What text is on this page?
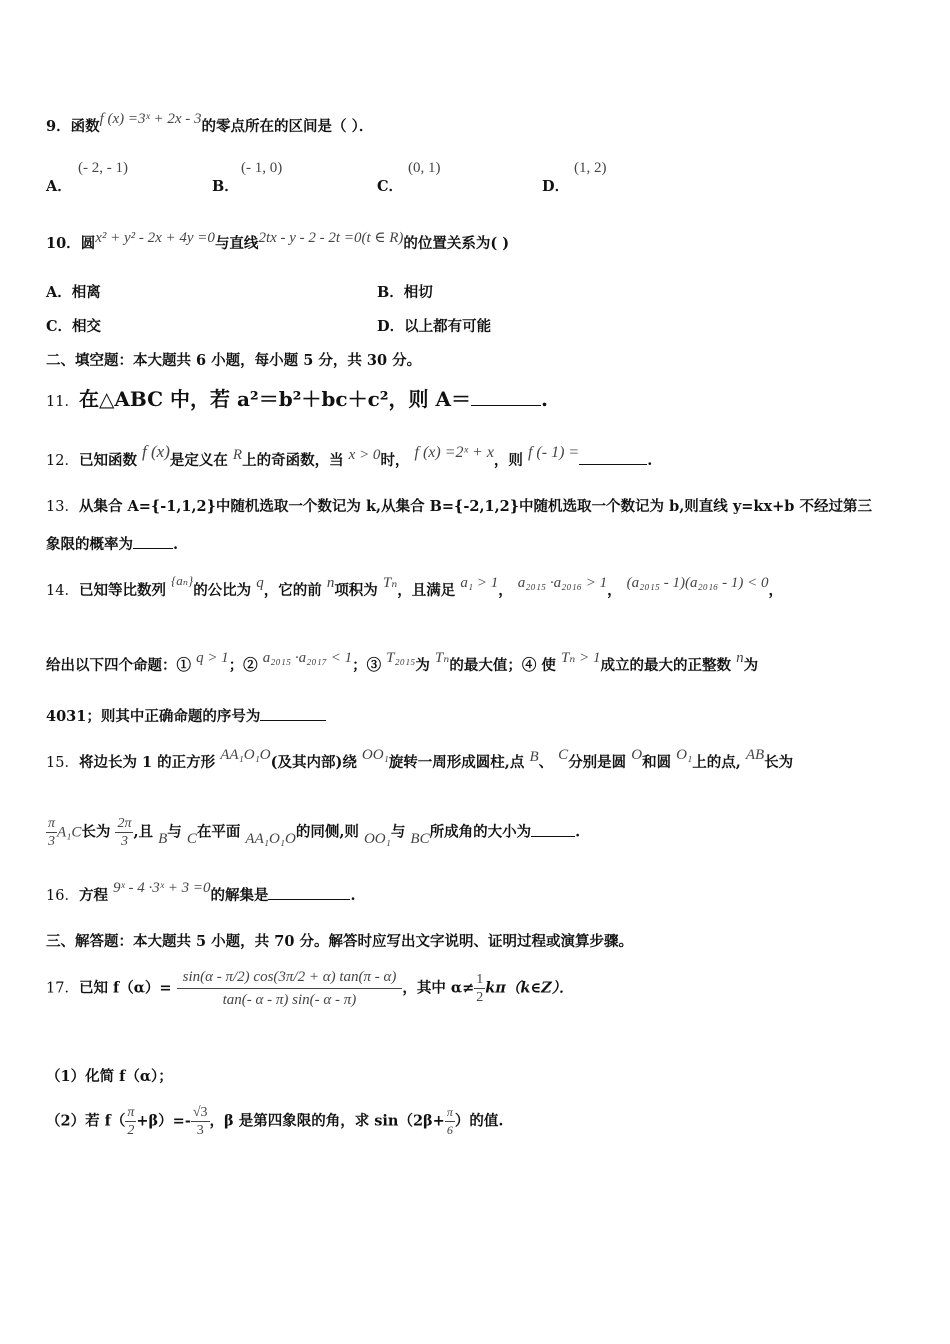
9．函数f (x) =3ˣ + 2x - 3的零点所在的区间是（ ）．
A．
(- 2, - 1)
B．
(- 1, 0)
C．
(0, 1)
D．
(1, 2)
10．圆x² + y² - 2x + 4y =0与直线2tx - y - 2 - 2t =0(t ∈ R)的位置关系为( )
A．相离	B．相切
C．相交	D．以上都有可能
二、填空题：本大题共 6 小题，每小题 5 分，共 30 分。
11．在△ABC 中，若 a²＝b²＋bc＋c²，则 A＝	.
12．已知函数 f (x)是定义在 R上的奇函数，当 x > 0时， f (x) =2ˣ + x，则 f (- 1) =	.
13．从集合 A={-1,1,2}中随机选取一个数记为 k,从集合 B={-2,1,2}中随机选取一个数记为 b,则直线 y=kx+b 不经过第三
象限的概率为	.
14．已知等比数列 {aₙ}的公比为 q，它的前 n项积为 Tₙ，且满足 a₁ > 1， a₂₀₁₅ ·a₂₀₁₆ > 1， (a₂₀₁₅ - 1)(a₂₀₁₆ - 1) < 0，
给出以下四个命题：① q > 1；② a₂₀₁₅ ·a₂₀₁₇ < 1；③ T₂₀₁₅为 Tₙ的最大值；④ 使 Tₙ > 1成立的最大的正整数 n为
4031；则其中正确命题的序号为
15．将边长为 1 的正方形 AA₁O₁O(及其内部)绕 OO₁旋转一周形成圆柱,点 B、 C分别是圆 O和圆 O₁上的点, AB长为
$\frac{\pi}{3} A_1C$长为 $\frac{2\pi}{3}$ ,且 B与 C在平面 AA₁O₁O的同侧,则 OO₁与 BC所成角的大小为	.
16．方程 9ˣ - 4 ·3ˣ + 3 =0的解集是	.
三、解答题：本大题共 5 小题，共 70 分。解答时应写出文字说明、证明过程或演算步骤。
17．已知 $f(\alpha)= \frac{\sin(\alpha - \pi/2) \cos(3\pi/2 + \alpha) \tan(\pi - \alpha)}{\tan(- \alpha - \pi) \sin(- \alpha - \pi)}$ ，其中 $\alpha\ne \frac{1}{2}$ kπ（k∈Z）．
（1）化简 f（α）；
（2）若 $f( \frac{\pi}{2} +\beta)=- \frac{√3}{3}$ ，β 是第四象限的角，求 $\sin(2\beta+ \frac{\pi}{6}$ ）的值.
